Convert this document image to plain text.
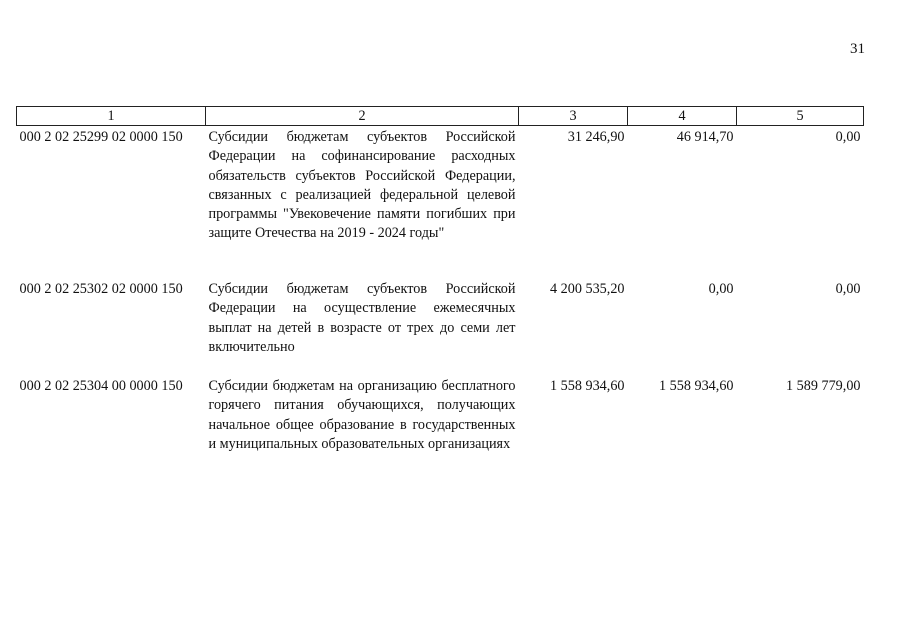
31
1	2	3	4	5
000 2 02 25299 02 0000 150	Субсидии бюджетам субъектов Российской Федерации на софинансирование расходных обязательств субъектов Российской Федерации, связанных с реализацией федеральной целевой программы "Увековечение памяти погибших при защите Отечества на 2019 - 2024 годы"	31 246,90	46 914,70	0,00
000 2 02 25302 02 0000 150	Субсидии бюджетам субъектов Российской Федерации на осуществление ежемесячных выплат на детей в возрасте от трех до семи лет включительно	4 200 535,20	0,00	0,00
000 2 02 25304 00 0000 150	Субсидии бюджетам на организацию бесплатного горячего питания обучающихся, получающих начальное общее образование в государственных и муниципальных образовательных организациях	1 558 934,60	1 558 934,60	1 589 779,00
